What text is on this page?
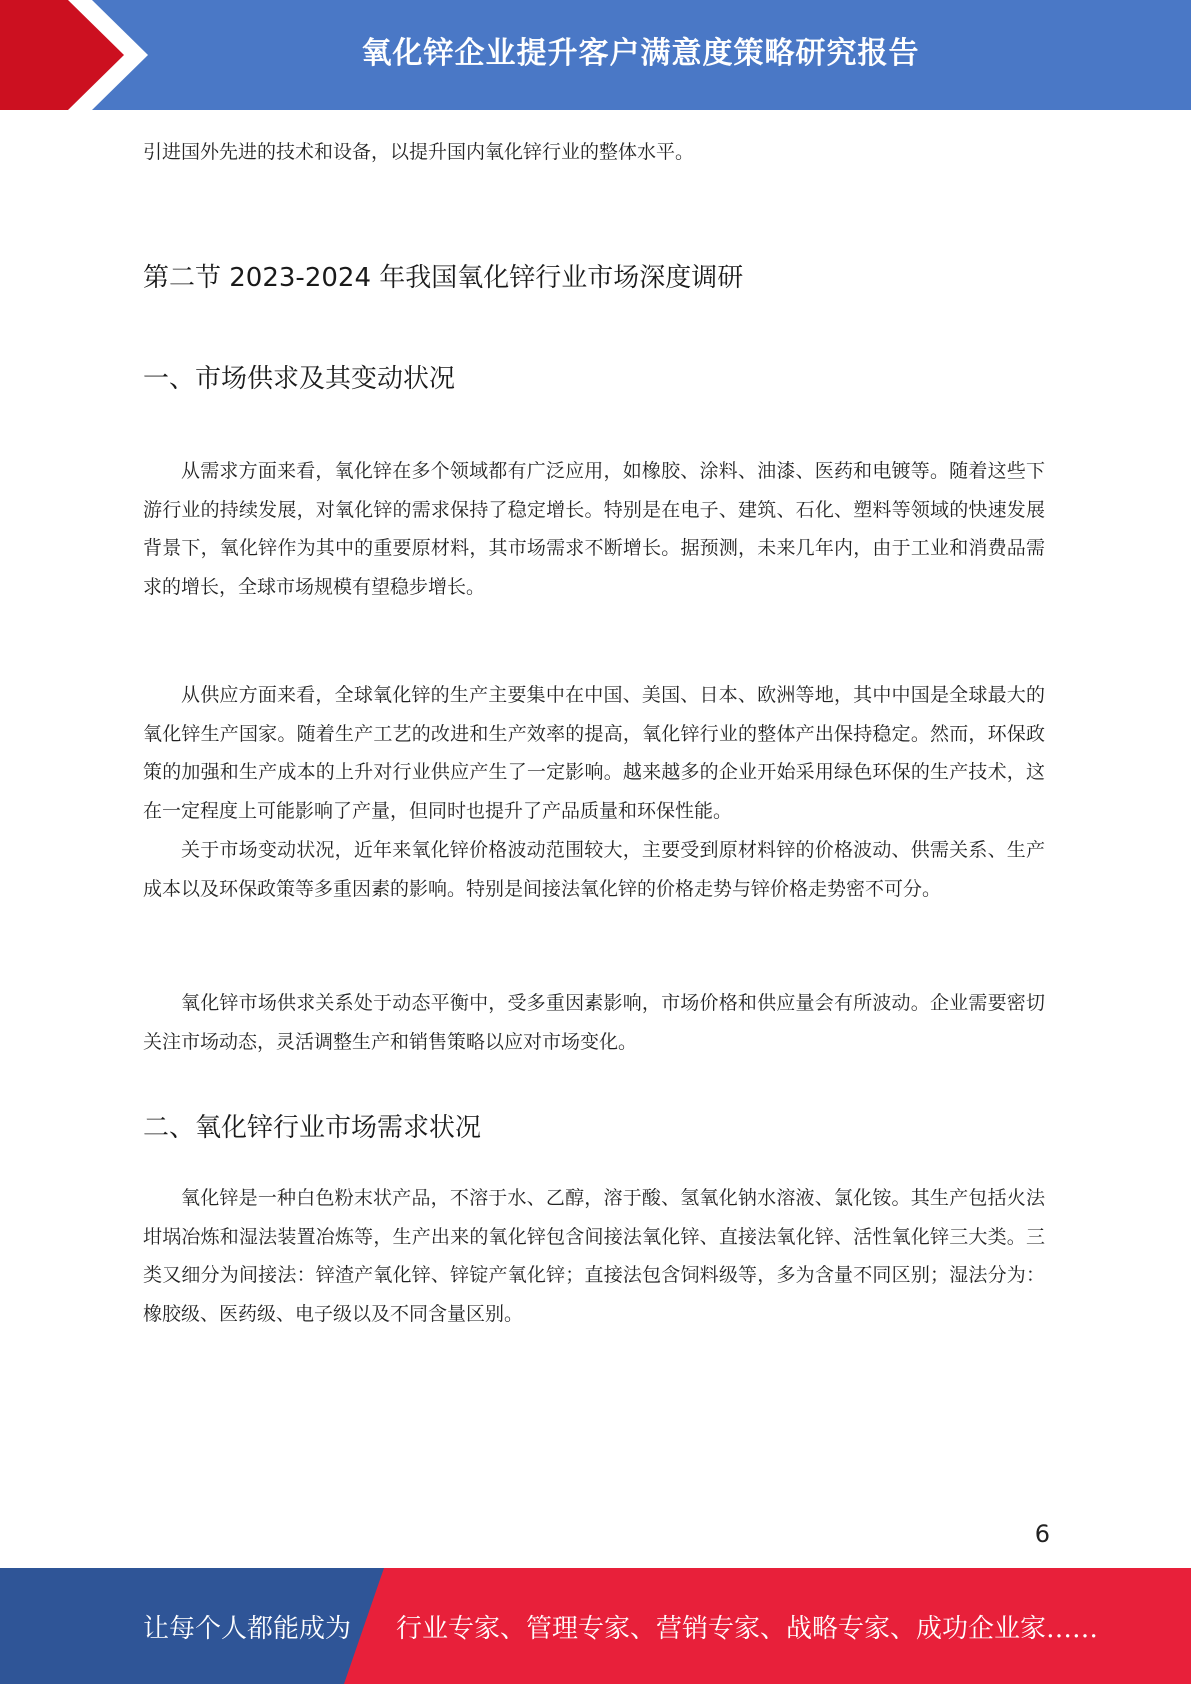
氧化锌企业提升客户满意度策略研究报告

引进国外先进的技术和设备，以提升国内氧化锌行业的整体水平。

第二节 2023-2024 年我国氧化锌行业市场深度调研
一、市场供求及其变动状况

从需求方面来看，氧化锌在多个领域都有广泛应用，如橡胶、涂料、油漆、医药和电镀等。随着这些下游行业的持续发展，对氧化锌的需求保持了稳定增长。特别是在电子、建筑、石化、塑料等领域的快速发展背景下，氧化锌作为其中的重要原材料，其市场需求不断增长。据预测，未来几年内，由于工业和消费品需求的增长，全球市场规模有望稳步增长。

从供应方面来看，全球氧化锌的生产主要集中在中国、美国、日本、欧洲等地，其中中国是全球最大的氧化锌生产国家。随着生产工艺的改进和生产效率的提高，氧化锌行业的整体产出保持稳定。然而，环保政策的加强和生产成本的上升对行业供应产生了一定影响。越来越多的企业开始采用绿色环保的生产技术，这在一定程度上可能影响了产量，但同时也提升了产品质量和环保性能。

关于市场变动状况，近年来氧化锌价格波动范围较大，主要受到原材料锌的价格波动、供需关系、生产成本以及环保政策等多重因素的影响。特别是间接法氧化锌的价格走势与锌价格走势密不可分。

氧化锌市场供求关系处于动态平衡中，受多重因素影响，市场价格和供应量会有所波动。企业需要密切关注市场动态，灵活调整生产和销售策略以应对市场变化。

二、氧化锌行业市场需求状况

氧化锌是一种白色粉末状产品，不溶于水、乙醇，溶于酸、氢氧化钠水溶液、氯化铵。其生产包括火法坩埚冶炼和湿法装置冶炼等，生产出来的氧化锌包含间接法氧化锌、直接法氧化锌、活性氧化锌三大类。三类又细分为间接法：锌渣产氧化锌、锌锭产氧化锌；直接法包含饲料级等，多为含量不同区别；湿法分为：橡胶级、医药级、电子级以及不同含量区别。

6
让每个人都能成为 行业专家、管理专家、营销专家、战略专家、成功企业家……
